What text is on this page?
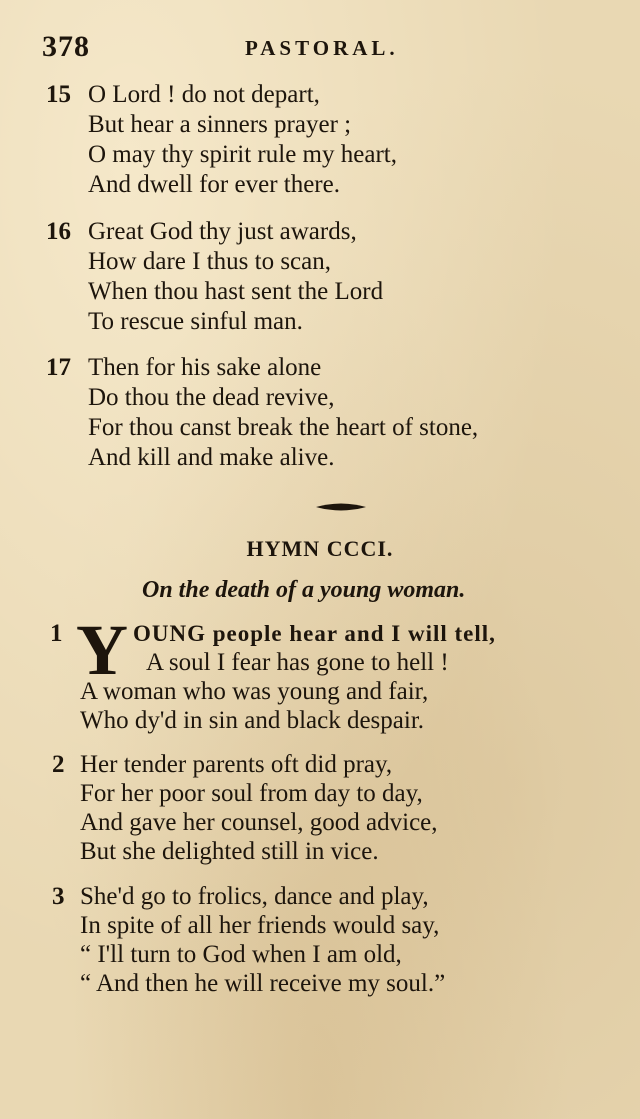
378	PASTORAL.
15 O Lord ! do not depart,
But hear a sinners prayer ;
O may thy spirit rule my heart,
And dwell for ever there.
16 Great God thy just awards,
How dare I thus to scan,
When thou hast sent the Lord
To rescue sinful man.
17 Then for his sake alone
Do thou the dead revive,
For thou canst break the heart of stone,
And kill and make alive.
HYMN CCCI.
On the death of a young woman.
1 Y OUNG people hear and I will tell,
A soul I fear has gone to hell !
A woman who was young and fair,
Who dy'd in sin and black despair.
2 Her tender parents oft did pray,
For her poor soul from day to day,
And gave her counsel, good advice,
But she delighted still in vice.
3 She'd go to frolics, dance and play,
In spite of all her friends would say,
“ I'll turn to God when I am old,
“ And then he will receive my soul.”
